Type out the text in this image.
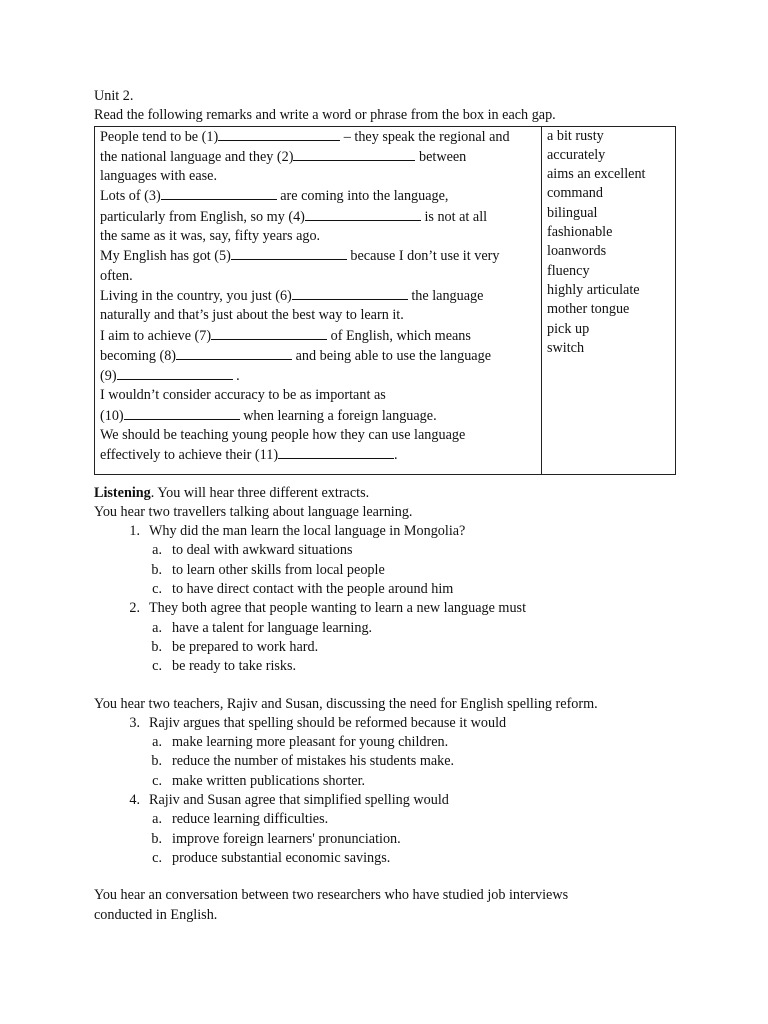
Unit 2.
Read the following remarks and write a word or phrase from the box in each gap.
People tend to be (1)	– they speak the regional and
the national language and they (2)	between
languages with ease.
Lots of (3)	are coming into the language,
particularly from English, so my (4)	is not at all
the same as it was, say, fifty years ago.
My English has got (5)	because I don’t use it very
often.
Living in the country, you just (6)	the language
naturally and that’s just about the best way to learn it.
I aim to achieve (7)	of English, which means
becoming (8)	and being able to use the language
(9)	.
I wouldn’t consider accuracy to be as important as
(10)	when learning a foreign language.
We should be teaching young people how they can use language
effectively to achieve their (11)	.

a bit rusty
accurately
aims an excellent
command
bilingual
fashionable
loanwords
fluency
highly articulate
mother tongue
pick up
switch
Listening. You will hear three different extracts.
You hear two travellers talking about language learning.
1. Why did the man learn the local language in Mongolia?
a. to deal with awkward situations
b. to learn other skills from local people
c. to have direct contact with the people around him
2. They both agree that people wanting to learn a new language must
a. have a talent for language learning.
b. be prepared to work hard.
c. be ready to take risks.
You hear two teachers, Rajiv and Susan, discussing the need for English spelling reform.
3. Rajiv argues that spelling should be reformed because it would
a. make learning more pleasant for young children.
b. reduce the number of mistakes his students make.
c. make written publications shorter.
4. Rajiv and Susan agree that simplified spelling would
a. reduce learning difficulties.
b. improve foreign learners' pronunciation.
c. produce substantial economic savings.
You hear an conversation between two researchers who have studied job interviews
conducted in English.
